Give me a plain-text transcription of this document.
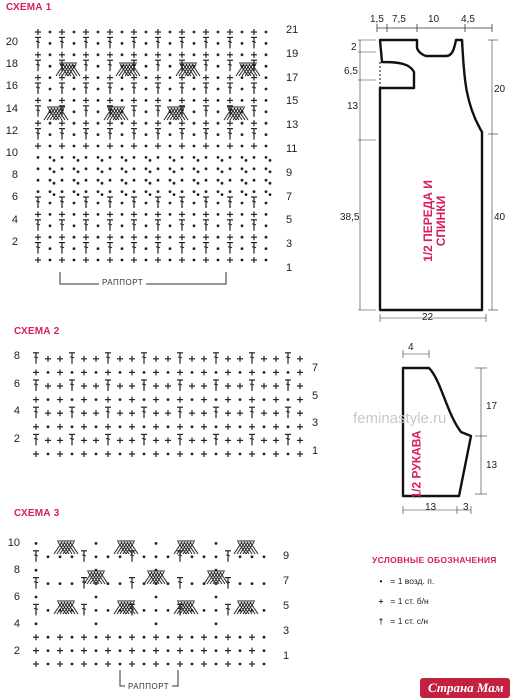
СХЕМА 1
20
18
16
14
12
10
8
6
4
2
21
19
17
15
13
11
9
7
5
3
1
РАППОРТ
СХЕМА 2
8
6
4
2
7
5
3
1
СХЕМА 3
10
8
6
4
2
9
7
5
3
1
РАППОРТ
1,5 7,5 10 4,5
2
6,5
13
38,5
20
40
22
1/2 ПЕРЕДА И СПИНКИ
4
17
13
13	3
1/2 РУКАВА
feminastyle.ru
УСЛОВНЫЕ ОБОЗНАЧЕНИЯ
• = 1 возд. п.
+ = 1 ст. б/н
† = 1 ст. с/н
Страна Мам
